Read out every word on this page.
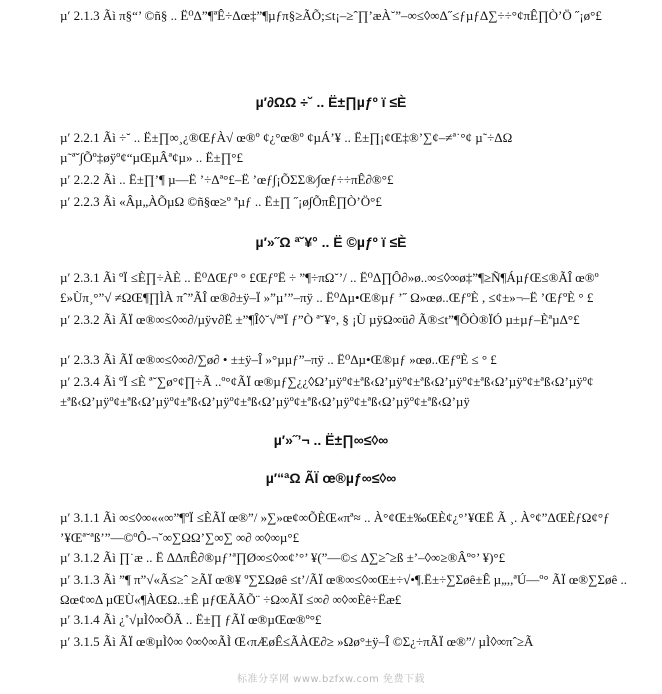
µ′ 2.1.3 Ãì π§“’ ©ñ§ .. Ë⁰Δ”¶ªÊ÷Δœ‡”¶µƒπ§≥ÃÕ;≤t¡–≥ˆ∏’æÀ˘”–∞≤◊∞Δ˝≤ƒµƒΔ∑÷÷°¢πÊ∏Ò’Ö ˝¡ø°£
µ′∂ΩΩ ÷˘ .. Ë±∏µƒº ï ≤È
µ′ 2.2.1 Ãì ÷˘ .. Ë±∏∞¸¿®ŒƒÀ√ œ®º ¢¿°œ®º ¢µÁ’¥ .. Ë±∏¡¢Œ‡®’∑¢–≠ª˙°¢ µ˜÷ΔΩ µ˜ªˇ∫Õº‡øÿº¢“µŒµÂª¢µ» .. Ë±∏°£
µ′ 2.2.2 Ãì .. Ë±∏’¶ µ––Ë ’÷Δª°£–Ë ’œƒ∫¡ÕΣΣ®⁄∫œƒ÷÷πÊ∂®°£
µ′ 2.2.3 Ãì «Âµ„ÀÕµΩ ©ñ§œ≥º ªµƒ .. Ë±∏ ˝¡ø∫ÕπÊ∏Ò’Ö°£
µ′»˝Ω ª˘¥° .. Ë ©µƒº ï ≤È
µ′ 2.3.1 Ãì ºÏ ≤È∏÷ÀÈ .. Ë⁰ΔŒƒº ° £ŒƒºË ÷ ”¶÷πΩ˘’/ .. Ë⁰Δ∏Ô∂»ø..∞≤◊∞ø‡”¶≥Ñ¶ÁµƒŒ≤®ÃÎ œ®º £»Ùπ¸°”√ ≠ΩŒ¶∏ÌÀ πˆ”ÃÎ œ®∂±ÿ–Ï »”µ’”–πÿ .. Ë⁰Δµ•Œ®µƒ ’˝ Ω»œø..ŒƒºÈ , ≤¢±»¬–Ë ’ŒƒºÈ ° £
µ′ 2.3.2 Ãì ÃÏ œ®∞≤◊∞∂/µÿv∂Ë ±”¶Î◊˘√ªªÏ ƒ”Ò ª˘¥°, § ¡Ù µÿΩ∞ü∂ Ã®≤t”¶ÕÒ®ÏÓ µ±µƒ–ÈªµΔ°£
µ′ 2.3.3 Ãì ÃÏ œ®∞≤◊∞∂/∑ø∂ • ±±ÿ–Î »°µµƒ”–πÿ .. Ë⁰Δµ•Œ®µƒ »œø..ŒƒºÈ ≤ ° £
µ′ 2.3.4 Ãì ºÏ ≤È ª˘∑ø°¢∏÷Ã ..º°¢ÃÏ œ®µƒ∑¿¿◊Ω’µÿº¢±ªß‹Ω’µÿº¢±ªß‹Ω’µÿº¢±ªß‹Ω’µÿº¢±ªß‹Ω’µÿº¢±ªß‹Ω’µÿº¢±ªß‹Ω’µÿº¢±ªß‹Ω’µÿº¢±ªß‹Ω’µÿº¢±ªß‹Ω’µÿº¢±ªß‹Ω’µÿº¢±ªß‹Ω’µÿ
µ′»˝’¬ .. Ë±∏∞≤◊∞
µ′“ªΩ ÃÏ œ®µƒ∞≤◊∞
µ′ 3.1.1 Ãì ∞≤◊∞««∞”¶ºÏ ≤ÈÃÏ œ®”/ »∑»œ¢∞ÕÈŒ«πª≈ .. À°¢Œ±‰ŒÈ¢¿°’¥ŒË Ã ¸. À°¢”ΔŒÈƒΩ¢°ƒ ’¥Œª˘ªß’”––©ºÔ-¬ˇ∞∑ΩΩ’∑∞∑ ∞∂ ∞◊∞µ°£
µ′ 3.1.2 Ãì ∏˙æ .. Ë ∆ΔπÊ∂®µƒ’ª∏Ø∞≤◊∞¢’°’ ¥(”––©≤ Δ∑≥ˆ≥ß ±’–◊∞≥®Âº°’ ¥)°£
µ′ 3.1.3 Ãì ”¶ π”√«Ã≤≥ˆ ≥ÃÏ œ®¥ º∑ΣΩøê ≤t’/ÃÏ œ®∞≤◊∞Œ±÷√•¶.Ë±÷∑Σøê±Ê µ„,,ªÚ—º° ÃÏ œ®∑Σøê .. Ωœ¢∞Δ µŒÙ«¶ÀŒΩ..±Ê µƒŒÃÃÕ¨ ÷Ω∞ÃÏ ≤∞∂ ∞◊∞Èê÷Ëæ£
µ′ 3.1.4 Ãì ¿˚√µÌ◊∞ÕÃ .. Ë±∏ ƒÃÏ œ®µŒœ®º°£
µ′ 3.1.5 Ãì ÃÏ œ®µÌ◊∞ ◊∞◊∞ÃÌ Œ‹πÆøÊ≤ÃÀŒ∂≥ »Ωø°±ÿ–Î ©Σ¿÷πÃÏ œ®”/ µÌ◊∞πˆ≥Ã
标准分享网 www.bzfxw.com 免费下载
